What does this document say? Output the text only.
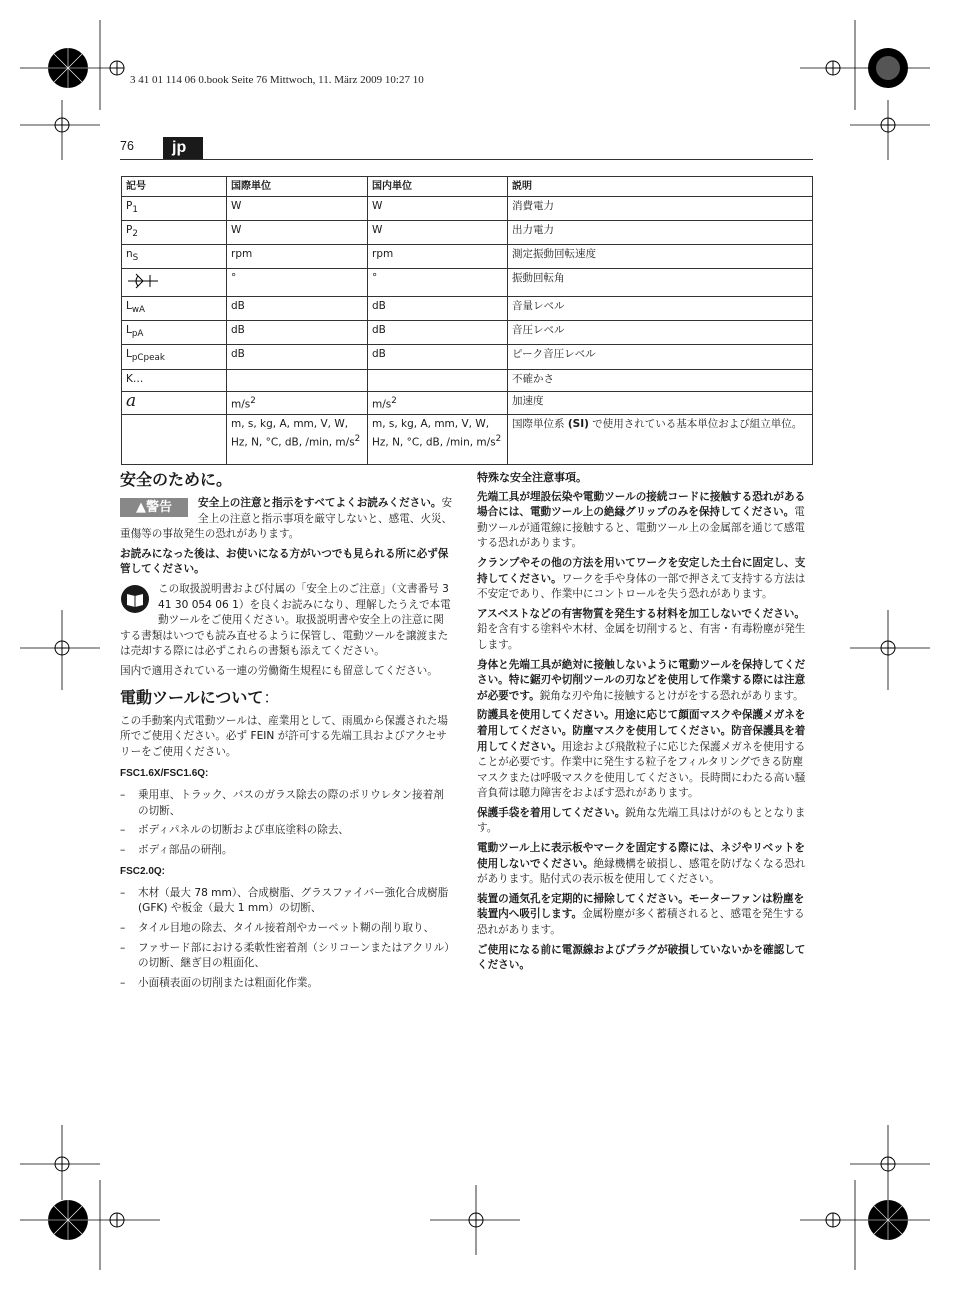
3 41 01 114 06 0.book Seite 76 Mittwoch, 11. März 2009 10:27 10
76	jp
記号	国際単位	国内単位	説明
$P_1$	W	W	消費電力
$P_2$	W	W	出力電力
$n_S$	rpm	rpm	測定振動回転速度
	°	°	振動回転角
$L_{wA}$	dB	dB	音量レベル
$L_{pA}$	dB	dB	音圧レベル
$L_{pCpeak}$	dB	dB	ピーク音圧レベル
K…			不確かさ
a	$m/s^2$	$m/s^2$	加速度
	m, s, kg, A, mm, V, W, Hz, N, °C, dB, /min, $m/s^2$	m, s, kg, A, mm, V, W, Hz, N, °C, dB, /min, $m/s^2$	国際単位系 (SI) で使用されている基本単位および組立単位。
安全のために。

▲警告	安全上の注意と指示をすべてよくお読みください。安全上の注意と指示事項を厳守しないと、感電、火災、重傷等の事故発生の恐れがあります。

お読みになった後は、お使いになる方がいつでも見られる所に必ず保管してください。

この取扱説明書および付属の「安全上のご注意」（文書番号 3 41 30 054 06 1）を良くお読みになり、理解したうえで本電動ツールをご使用ください。取扱説明書や安全上の注意に関する書類はいつでも読み直せるように保管し、電動ツールを譲渡または売却する際には必ずこれらの書類も添えてください。

国内で適用されている一連の労働衛生規程にも留意してください。

電動ツールについて：

この手動案内式電動ツールは、産業用として、雨風から保護された場所でご使用ください。必ず FEIN が許可する先端工具およびアクセサリーをご使用ください。

FSC1.6X/FSC1.6Q:
– 乗用車、トラック、バスのガラス除去の際のポリウレタン接着剤の切断、
– ボディパネルの切断および車底塗料の除去、
– ボディ部品の研削。
FSC2.0Q:
– 木材（最大 78 mm）、合成樹脂、グラスファイバー強化合成樹脂 (GFK) や板金（最大 1 mm）の切断、
– タイル目地の除去、タイル接着剤やカーペット糊の削り取り、
– ファサード部における柔軟性密着剤（シリコーンまたはアクリル）の切断、継ぎ目の粗面化、
– 小面積表面の切削または粗面化作業。

特殊な安全注意事項。

先端工具が埋設伝染や電動ツールの接続コードに接触する恐れがある場合には、電動ツール上の絶縁グリップのみを保持してください。電動ツールが通電線に接触すると、電動ツール上の金属部を通じて感電する恐れがあります。

クランプやその他の方法を用いてワークを安定した土台に固定し、支持してください。ワークを手や身体の一部で押さえて支持する方法は不安定であり、作業中にコントロールを失う恐れがあります。

アスベストなどの有害物質を発生する材料を加工しないでください。鉛を含有する塗料や木材、金属を切削すると、有害・有毒粉塵が発生します。

身体と先端工具が絶対に接触しないように電動ツールを保持してください。特に鋸刃や切削ツールの刃などを使用して作業する際には注意が必要です。鋭角な刃や角に接触するとけがをする恐れがあります。

防護具を使用してください。用途に応じて顔面マスクや保護メガネを着用してください。防塵マスクを使用してください。防音保護具を着用してください。用途および飛散粒子に応じた保護メガネを使用することが必要です。作業中に発生する粒子をフィルタリングできる防塵マスクまたは呼吸マスクを使用してください。長時間にわたる高い騒音負荷は聴力障害をおよぼす恐れがあります。

保護手袋を着用してください。鋭角な先端工具はけがのもととなります。

電動ツール上に表示板やマークを固定する際には、ネジやリベットを使用しないでください。絶縁機構を破損し、感電を防げなくなる恐れがあります。貼付式の表示板を使用してください。

装置の通気孔を定期的に掃除してください。モーターファンは粉塵を装置内へ吸引します。金属粉塵が多く蓄積されると、感電を発生する恐れがあります。

ご使用になる前に電源線およびプラグが破損していないかを確認してください。
